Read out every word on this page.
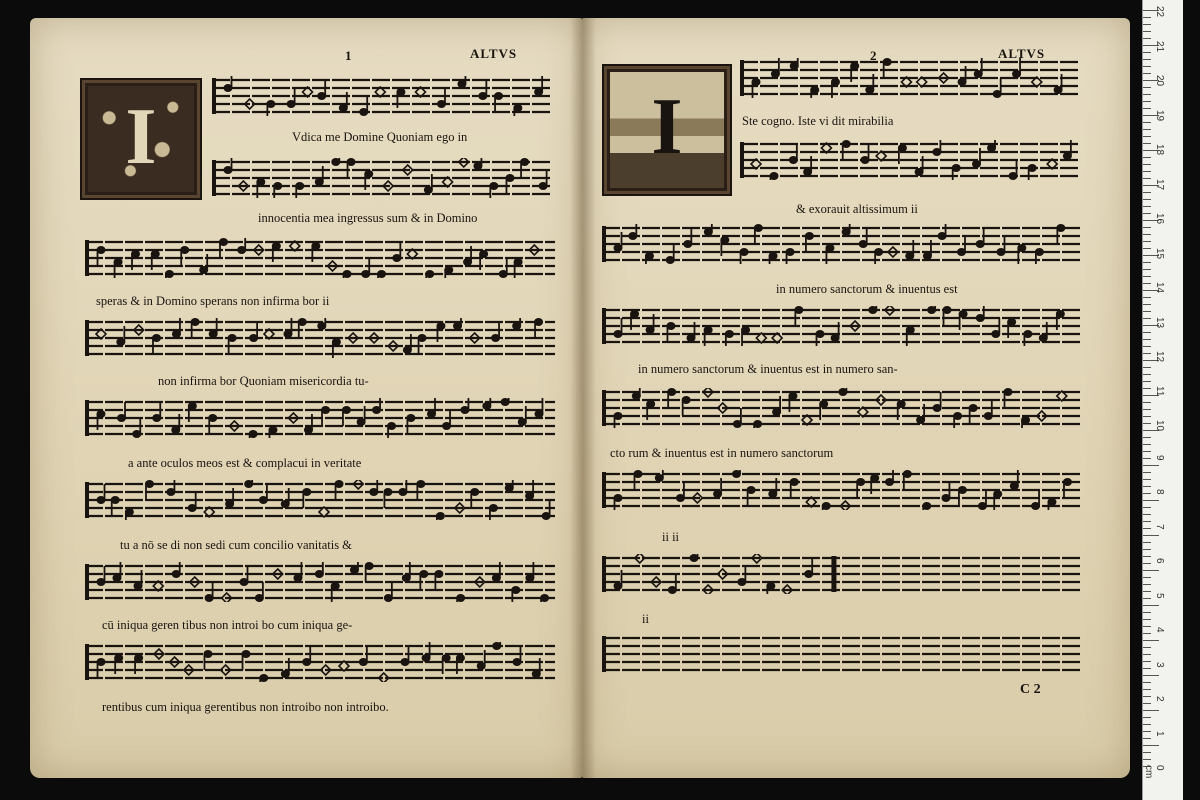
1	ALTVS
I	Vdica me Domine Quoniam ego in
innocentia mea ingressus sum & in Domino
speras & in Domino sperans non infirma bor ii
non infirma bor Quoniam misericordia tu-
a ante oculos meos est & complacui in veritate
tu a nō se di non sedi cum concilio vanitatis &
cū iniqua geren tibus non introi bo cum iniqua ge-
rentibus cum iniqua gerentibus non introibo non introibo.
2	ALTVS
I	Ste cogno. Iste vi dit mirabilia
& exorauit altissimum ii
in numero sanctorum & inuentus est
in numero sanctorum & inuentus est in numero san-
cto rum & inuentus est in numero sanctorum
ii ii
ii
C 2
22
21
20
19
18
17
16
15
14
13
12
11
10
9
8
7
6
5
4
3
2
1
0 cm
